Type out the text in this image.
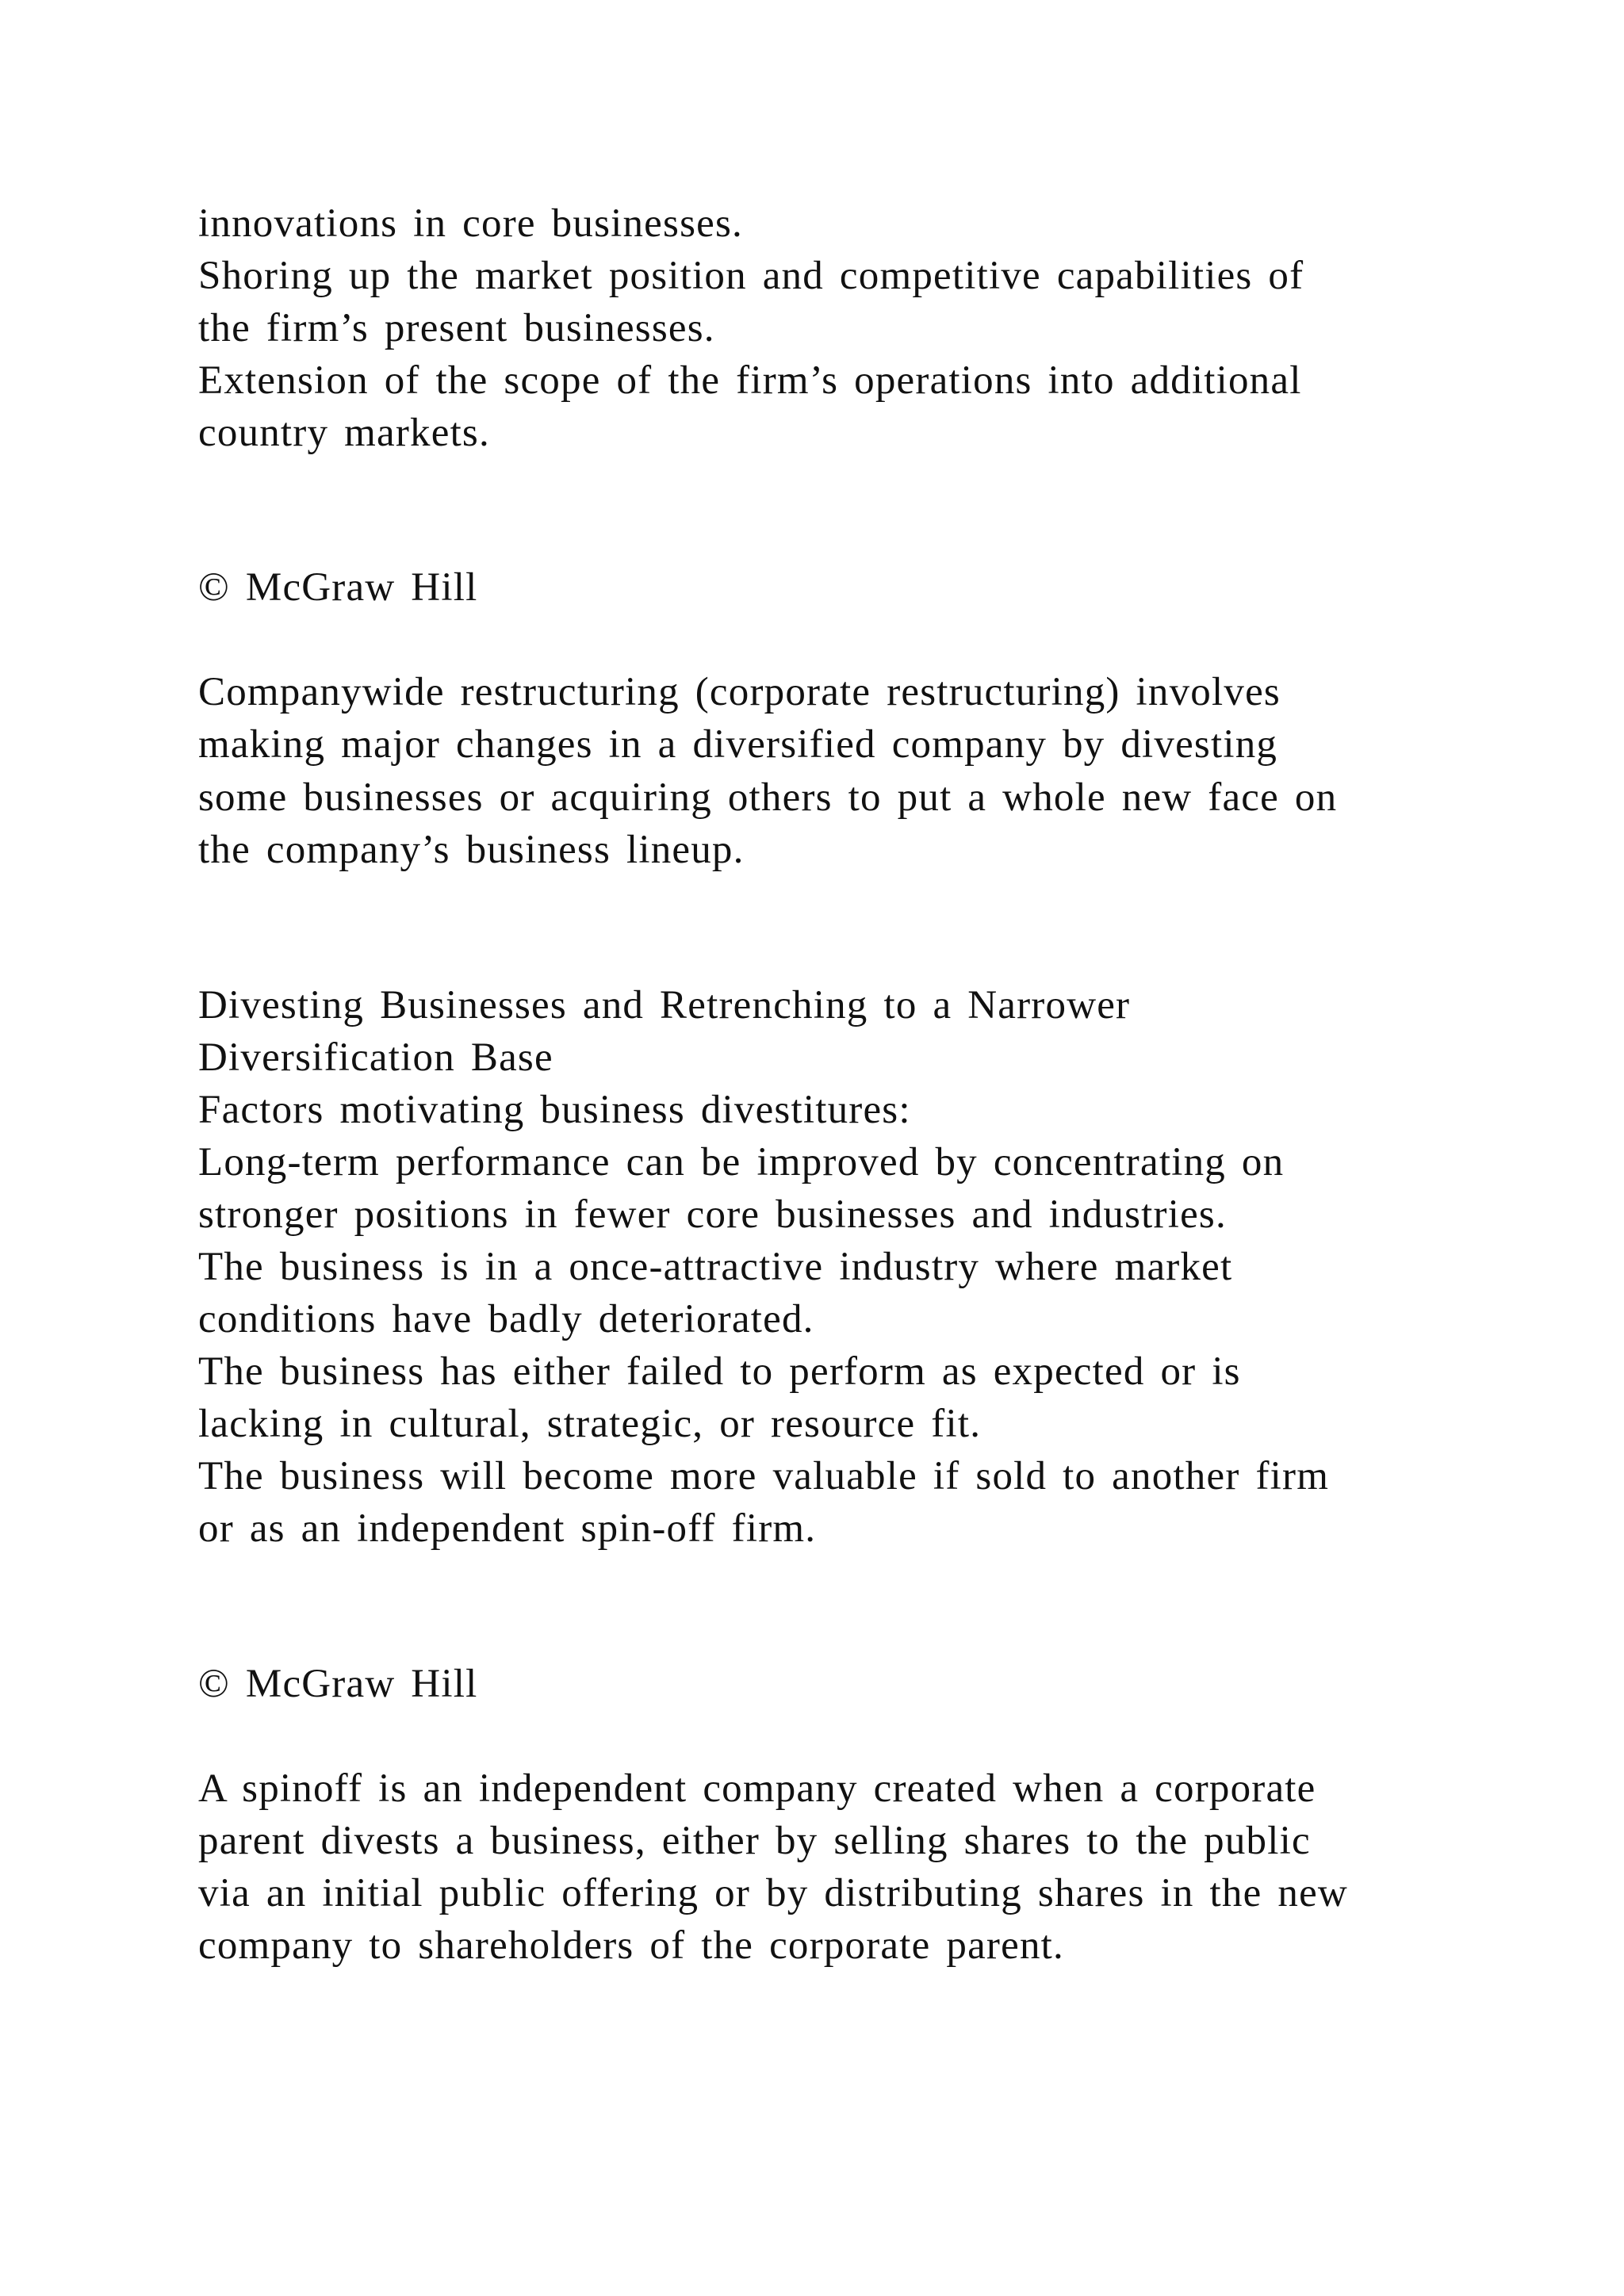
innovations in core businesses.
Shoring up the market position and competitive capabilities of
the firm’s present businesses.
Extension of the scope of the firm’s operations into additional
country markets.
© McGraw Hill
Companywide restructuring (corporate restructuring) involves
making major changes in a diversified company by divesting
some businesses or acquiring others to put a whole new face on
the company’s business lineup.
Divesting Businesses and Retrenching to a Narrower
Diversification Base
Factors motivating business divestitures:
Long-term performance can be improved by concentrating on
stronger positions in fewer core businesses and industries.
The business is in a once-attractive industry where market
conditions have badly deteriorated.
The business has either failed to perform as expected or is
lacking in cultural, strategic, or resource fit.
The business will become more valuable if sold to another firm
or as an independent spin-off firm.
© McGraw Hill
A spinoff is an independent company created when a corporate
parent divests a business, either by selling shares to the public
via an initial public offering or by distributing shares in the new
company to shareholders of the corporate parent.
